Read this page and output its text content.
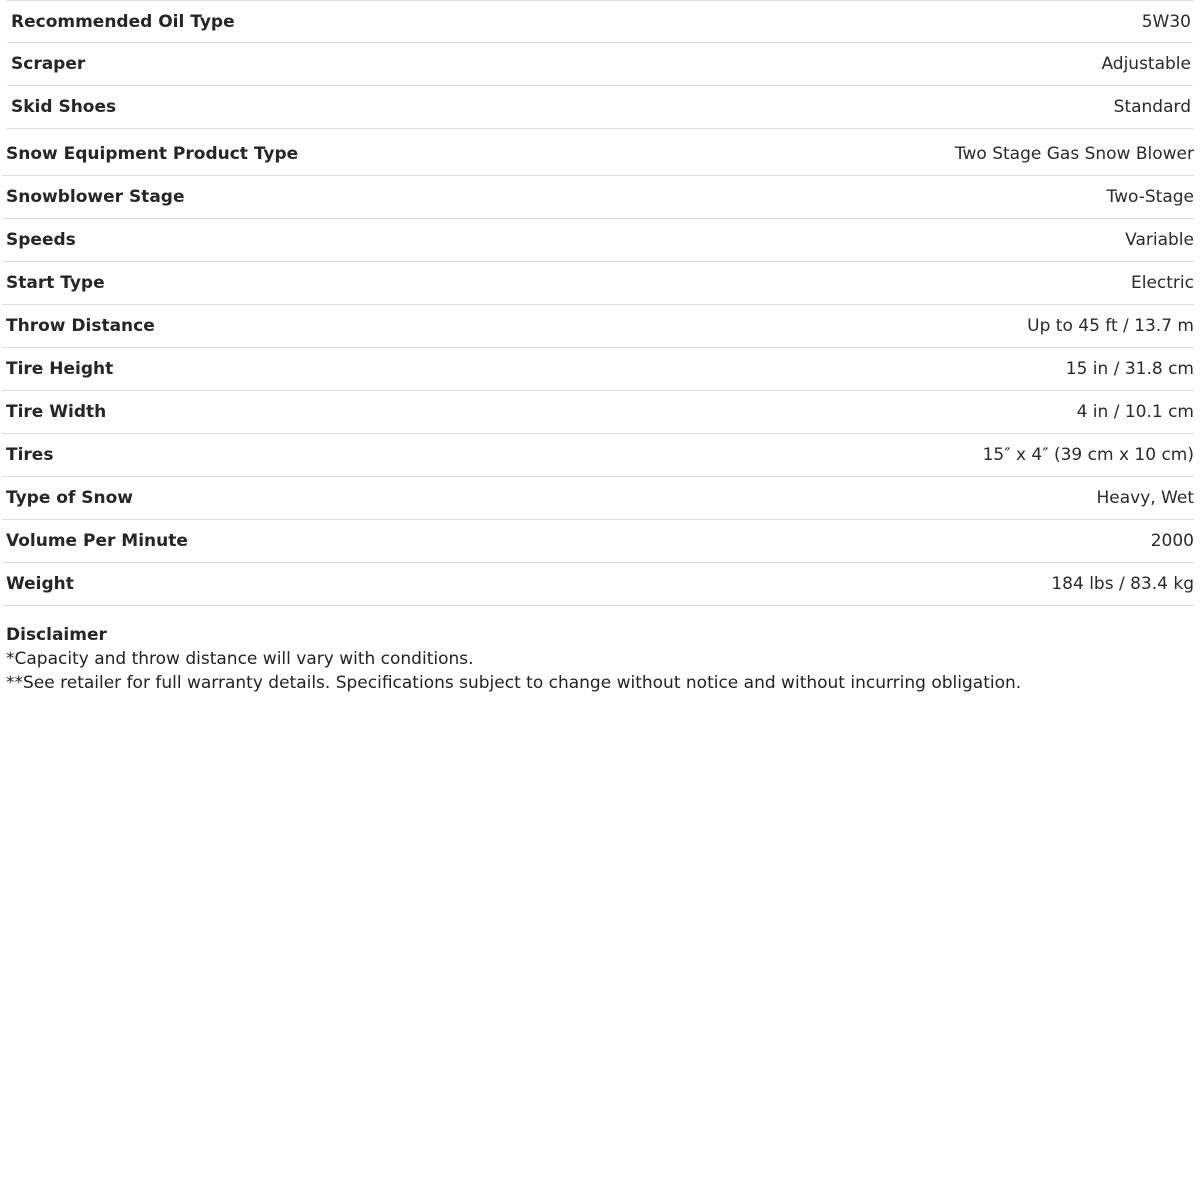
Recommended Oil Type	5W30
Scraper	Adjustable
Skid Shoes	Standard
Snow Equipment Product Type	Two Stage Gas Snow Blower
Snowblower Stage	Two-Stage
Speeds	Variable
Start Type	Electric
Throw Distance	Up to 45 ft / 13.7 m
Tire Height	15 in / 31.8 cm
Tire Width	4 in / 10.1 cm
Tires	15″ x 4″ (39 cm x 10 cm)
Type of Snow	Heavy, Wet
Volume Per Minute	2000
Weight	184 lbs / 83.4 kg
Disclaimer
*Capacity and throw distance will vary with conditions.
**See retailer for full warranty details. Specifications subject to change without notice and without incurring obligation.
